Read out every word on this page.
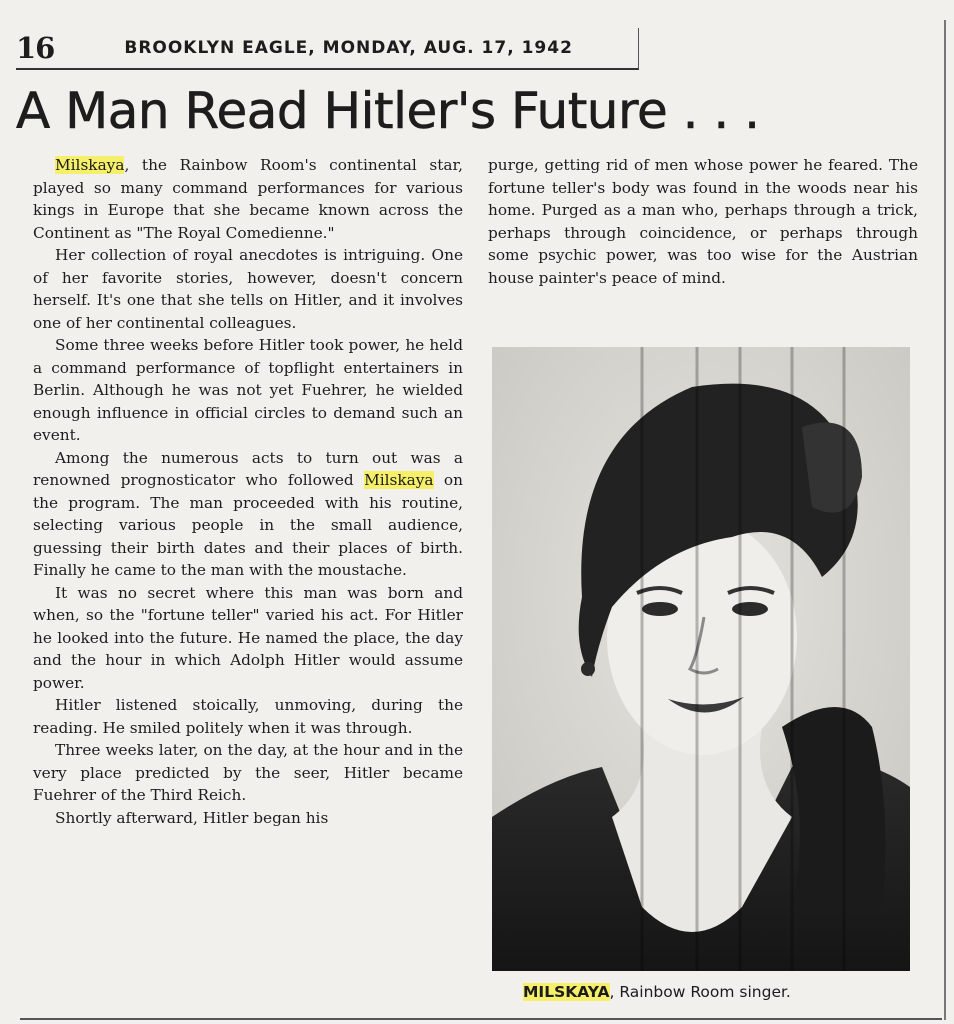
16	BROOKLYN EAGLE, MONDAY, AUG. 17, 1942
A Man Read Hitler's Future . . .

Milskaya, the Rainbow Room's continental star, played so many command performances for various kings in Europe that she became known across the Continent as "The Royal Comedienne."

Her collection of royal anecdotes is intriguing. One of her favorite stories, however, doesn't concern herself. It's one that she tells on Hitler, and it involves one of her continental colleagues.

Some three weeks before Hitler took power, he held a command performance of topflight entertainers in Berlin. Although he was not yet Fuehrer, he wielded enough influence in official circles to demand such an event.

Among the numerous acts to turn out was a renowned prognosticator who followed Milskaya on the program. The man proceeded with his routine, selecting various people in the small audience, guessing their birth dates and their places of birth. Finally he came to the man with the moustache.

It was no secret where this man was born and when, so the "fortune teller" varied his act. For Hitler he looked into the future. He named the place, the day and the hour in which Adolph Hitler would assume power.

Hitler listened stoically, unmoving, during the reading. He smiled politely when it was through.

Three weeks later, on the day, at the hour and in the very place predicted by the seer, Hitler became Fuehrer of the Third Reich.

Shortly afterward, Hitler began his

purge, getting rid of men whose power he feared. The fortune teller's body was found in the woods near his home. Purged as a man who, perhaps through a trick, perhaps through coincidence, or perhaps through some psychic power, was too wise for the Austrian house painter's peace of mind.

MILSKAYA, Rainbow Room singer.
